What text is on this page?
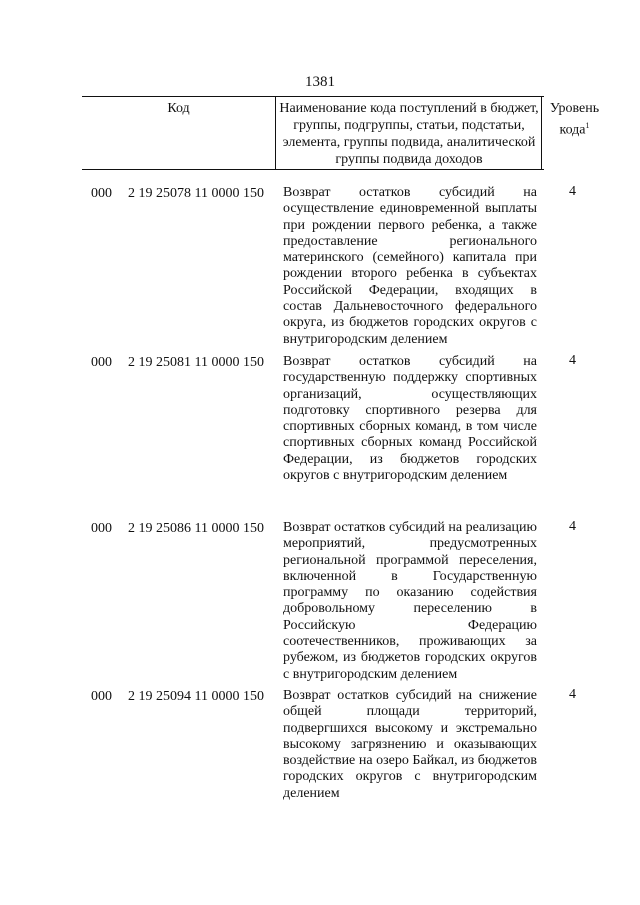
1381
Код	Наименование кода поступлений в бюджет, группы, подгруппы, статьи, подстатьи, элемента, группы подвида, аналитической группы подвида доходов
Уровень кода$^1$
000 2 19 25078 11 0000 150 Возврат остатков субсидий на осуществление единовременной выплаты при рождении первого ребенка, а также предоставление регионального материнского (семейного) капитала при рождении второго ребенка в субъектах Российской Федерации, входящих в состав Дальневосточного федерального округа, из бюджетов городских округов с внутригородским делением
4
000 2 19 25081 11 0000 150 Возврат остатков субсидий на государственную поддержку спортивных организаций, осуществляющих подготовку спортивного резерва для спортивных сборных команд, в том числе спортивных сборных команд Российской Федерации, из бюджетов городских округов с внутригородским делением
4
000 2 19 25086 11 0000 150 Возврат остатков субсидий на реализацию мероприятий, предусмотренных региональной программой переселения, включенной в Государственную программу по оказанию содействия добровольному переселению в Российскую Федерацию соотечественников, проживающих за рубежом, из бюджетов городских округов с внутригородским делением
4
000 2 19 25094 11 0000 150 Возврат остатков субсидий на снижение общей площади территорий, подвергшихся высокому и экстремально высокому загрязнению и оказывающих воздействие на озеро Байкал, из бюджетов городских округов с внутригородским делением
4
